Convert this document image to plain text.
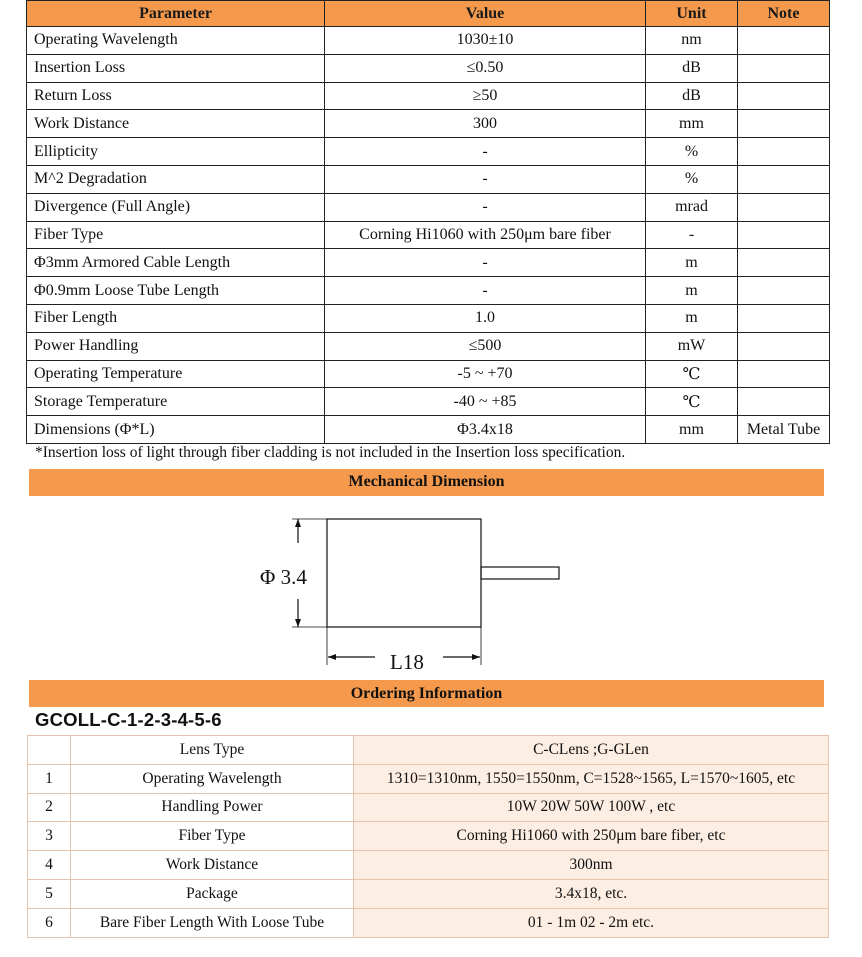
Parameter	Value	Unit	Note
Operating Wavelength	1030±10	nm	
Insertion Loss	≤0.50	dB	
Return Loss	≥50	dB	
Work Distance	300	mm	
Ellipticity	-	%	
M^2 Degradation	-	%	
Divergence (Full Angle)	-	mrad	
Fiber Type	Corning Hi1060 with 250μm bare fiber	-	
Φ3mm Armored Cable Length	-	m	
Φ0.9mm Loose Tube Length	-	m	
Fiber Length	1.0	m	
Power Handling	≤500	mW	
Operating Temperature	-5 ~ +70	℃	
Storage Temperature	-40 ~ +85	℃	
Dimensions (Φ*L)	Φ3.4x18	mm	Metal Tube

*Insertion loss of light through fiber cladding is not included in the Insertion loss specification.

Mechanical Dimension
Φ 3.4
L18
Ordering Information

GCOLL-C-1-2-3-4-5-6

	Lens Type	C-CLens ;G-GLen
1	Operating Wavelength	1310=1310nm, 1550=1550nm, C=1528~1565, L=1570~1605, etc
2	Handling Power	10W 20W 50W 100W , etc
3	Fiber Type	Corning Hi1060 with 250μm bare fiber, etc
4	Work Distance	300nm
5	Package	3.4x18, etc.
6	Bare Fiber Length With Loose Tube	01 - 1m 02 - 2m etc.
